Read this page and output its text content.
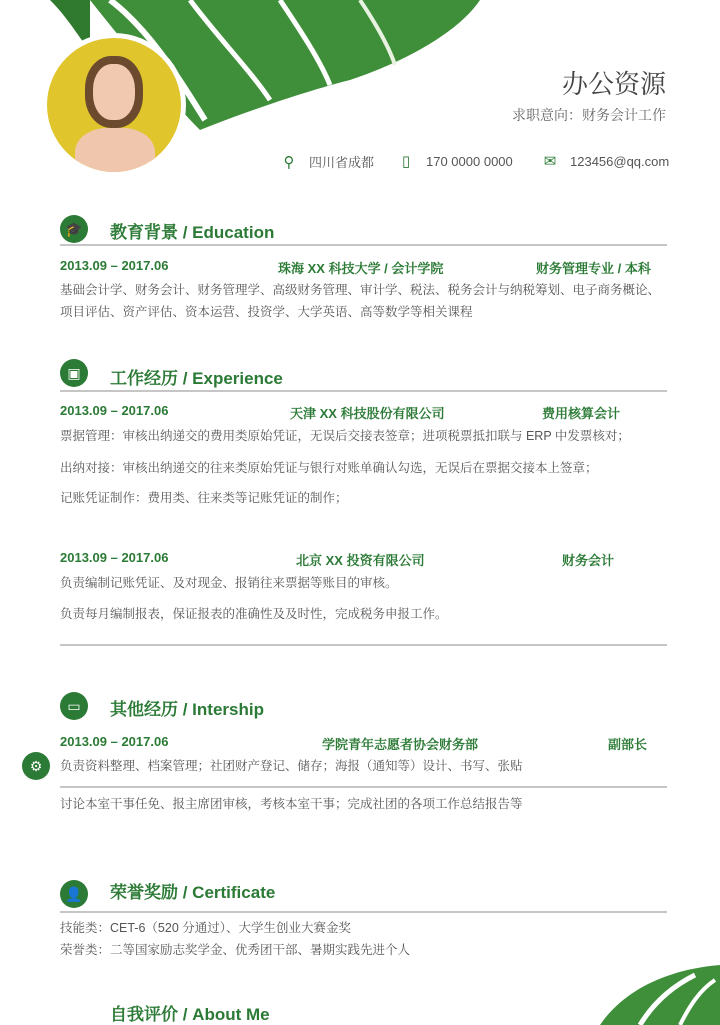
办公资源
求职意向：财务会计工作
⚲ 四川省成都 ▯ 170 0000 0000 ✉ 123456@qq.com
🎓	教育背景 / Education
2013.09 – 2017.06	珠海 XX 科技大学 / 会计学院	财务管理专业 / 本科
基础会计学、财务会计、财务管理学、高级财务管理、审计学、税法、税务会计与纳税筹划、电子商务概论、
项目评估、资产评估、资本运营、投资学、大学英语、高等数学等相关课程
▣	工作经历 / Experience
2013.09 – 2017.06	天津 XX 科技股份有限公司	费用核算会计
票据管理：审核出纳递交的费用类原始凭证，无误后交接表签章；进项税票抵扣联与 ERP 中发票核对；
出纳对接：审核出纳递交的往来类原始凭证与银行对账单确认勾选，无误后在票据交接本上签章；
记账凭证制作：费用类、往来类等记账凭证的制作；
2013.09 – 2017.06	北京 XX 投资有限公司	财务会计
负责编制记账凭证、及对现金、报销往来票据等账目的审核。
负责每月编制报表，保证报表的准确性及及时性，完成税务申报工作。
▭	其他经历 / Intership
2013.09 – 2017.06	学院青年志愿者协会财务部	副部长
负责资料整理、档案管理；社团财产登记、储存；海报（通知等）设计、书写、张贴
⚙
讨论本室干事任免、报主席团审核，考核本室干事；完成社团的各项工作总结报告等
👤	荣誉奖励 / Certificate
技能类：CET-6（520 分通过）、大学生创业大赛金奖
荣誉类：二等国家励志奖学金、优秀团干部、暑期实践先进个人
自我评价 / About Me
